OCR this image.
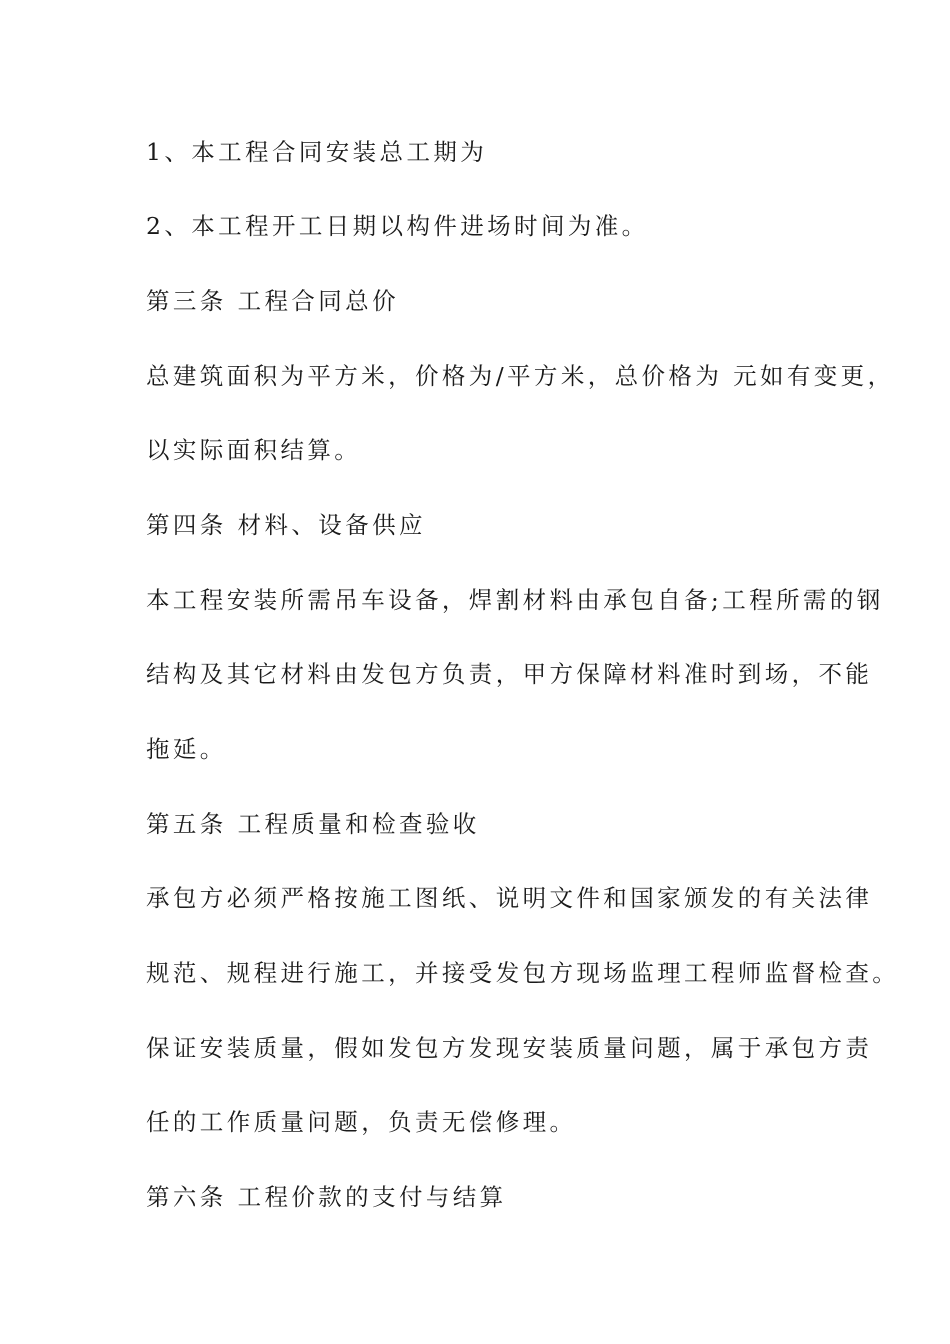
1、本工程合同安装总工期为

2、本工程开工日期以构件进场时间为准。

第三条 工程合同总价

总建筑面积为平方米，价格为/平方米，总价格为 元如有变更，

以实际面积结算。

第四条 材料、设备供应

本工程安装所需吊车设备，焊割材料由承包自备;工程所需的钢

结构及其它材料由发包方负责，甲方保障材料准时到场，不能

拖延。

第五条 工程质量和检查验收

承包方必须严格按施工图纸、说明文件和国家颁发的有关法律

规范、规程进行施工，并接受发包方现场监理工程师监督检查。

保证安装质量，假如发包方发现安装质量问题，属于承包方责

任的工作质量问题，负责无偿修理。

第六条 工程价款的支付与结算
